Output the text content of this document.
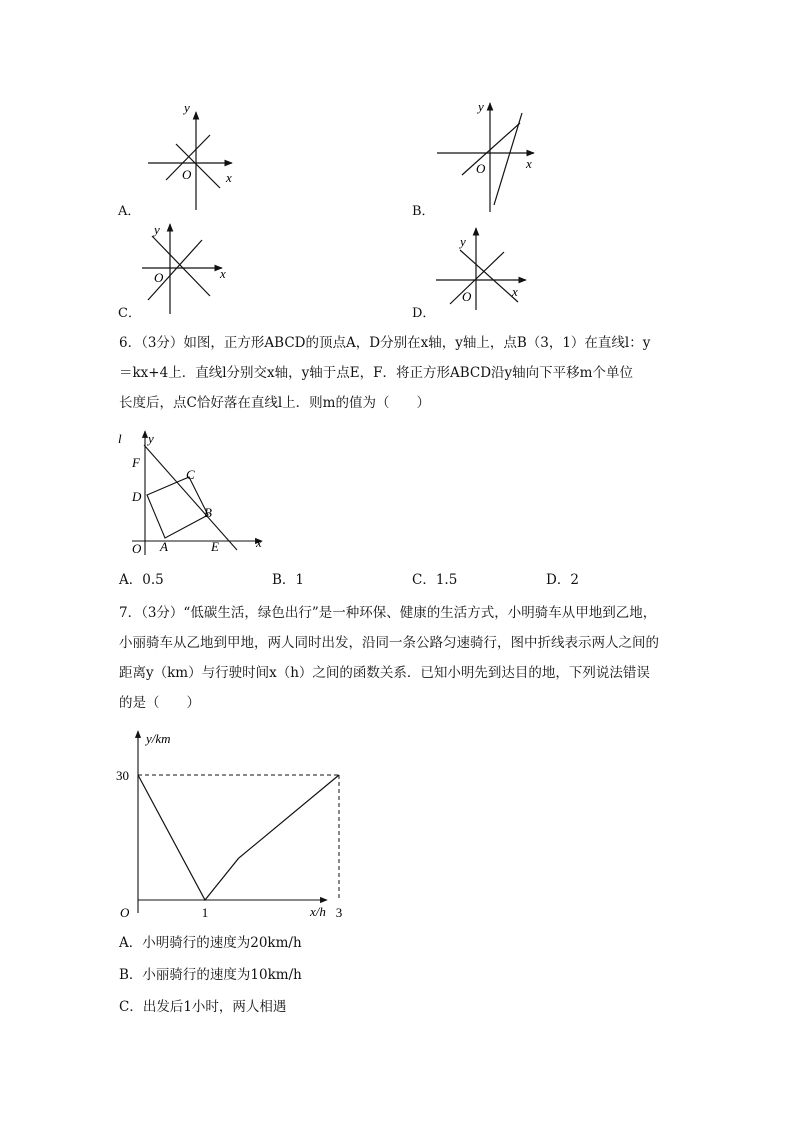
y
x
O
A．
y
x
O
B．
y
x
O
C．
y
x
O
D．
6．（3分）如图，正方形ABCD的顶点A，D分别在x轴，y轴上，点B（3，1）在直线l：y
＝kx+4上．直线l分别交x轴，y轴于点E，F．将正方形ABCD沿y轴向下平移m个单位
长度后，点C恰好落在直线l上．则m的值为（　　）
l y
x
O
F
D
C
B
A	E
A．0.5	B．1	C．1.5	D．2
7．（3分）“低碳生活，绿色出行”是一种环保、健康的生活方式，小明骑车从甲地到乙地，
小丽骑车从乙地到甲地，两人同时出发，沿同一条公路匀速骑行，图中折线表示两人之间的
距离y（km）与行驶时间x（h）之间的函数关系．已知小明先到达目的地，下列说法错误
的是（　　）
y/km
x/h
O
30
1	3
A．小明骑行的速度为20km/h
B．小丽骑行的速度为10km/h
C．出发后1小时，两人相遇
